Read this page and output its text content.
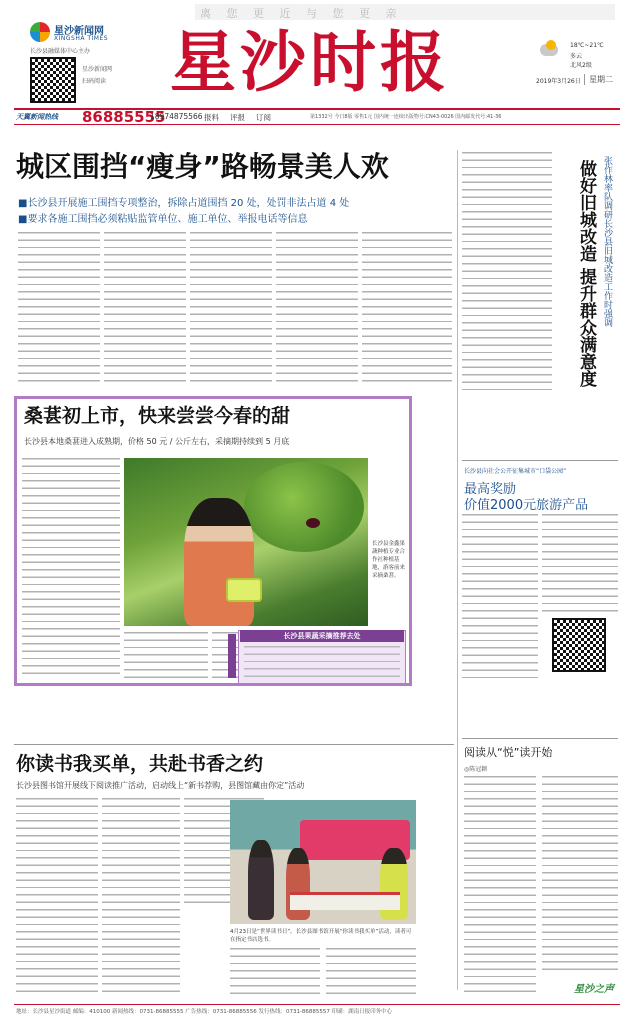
离 您 更 近 与 您 更 亲
星沙新闻网
XINGSHA TIMES
长沙县融媒体中心主办
星沙新闻网
扫码阅读 星沙时报	18℃~21℃
多云
北风2级
2019年3月26日	星期二
天翼新闻热线 86885555
18974875566 报料 评报 订阅	第1332号 今日8版 零售1元 国内统一连续出版物号:CN43-0026 国内邮发代号:41-36
城区围挡“瘦身”路畅景美人欢
■长沙县开展施工围挡专项整治，拆除占道围挡 20 处，处罚非法占道 4 处
■要求各施工围挡必须粘贴监管单位、施工单位、举报电话等信息	张作林率队调研长沙县旧城改造工作时强调
做好旧城改造 提升群众满意度
桑葚初上市，快来尝尝今春的甜
长沙县本地桑葚进入成熟期，价格 50 元 / 公斤左右，采摘期持续到 5 月底
长沙县金鑫果蔬种植专业合作社种植基地，游客前来采摘桑葚。
长沙县果蔬采摘推荐去处
长沙县向社会公开征集城市“口袋公园”
最高奖励
价值2000元旅游产品
你读书我买单，共赴书香之约
长沙县图书馆开展线下阅读推广活动，启动线上“新书荐购，县图馆藏由你定”活动
4月23日是“世界读书日”。长沙县图书馆开展“你读书我买单”活动，读者可在指定书店选书。
阅读从“悦”读开始
◎陈冠颖
星沙之声
地址：长沙县星沙街道 邮编：410100 新闻热线：0731-86885555 广告热线：0731-86885556 发行热线：0731-86885557 印刷：湖南日报印务中心
